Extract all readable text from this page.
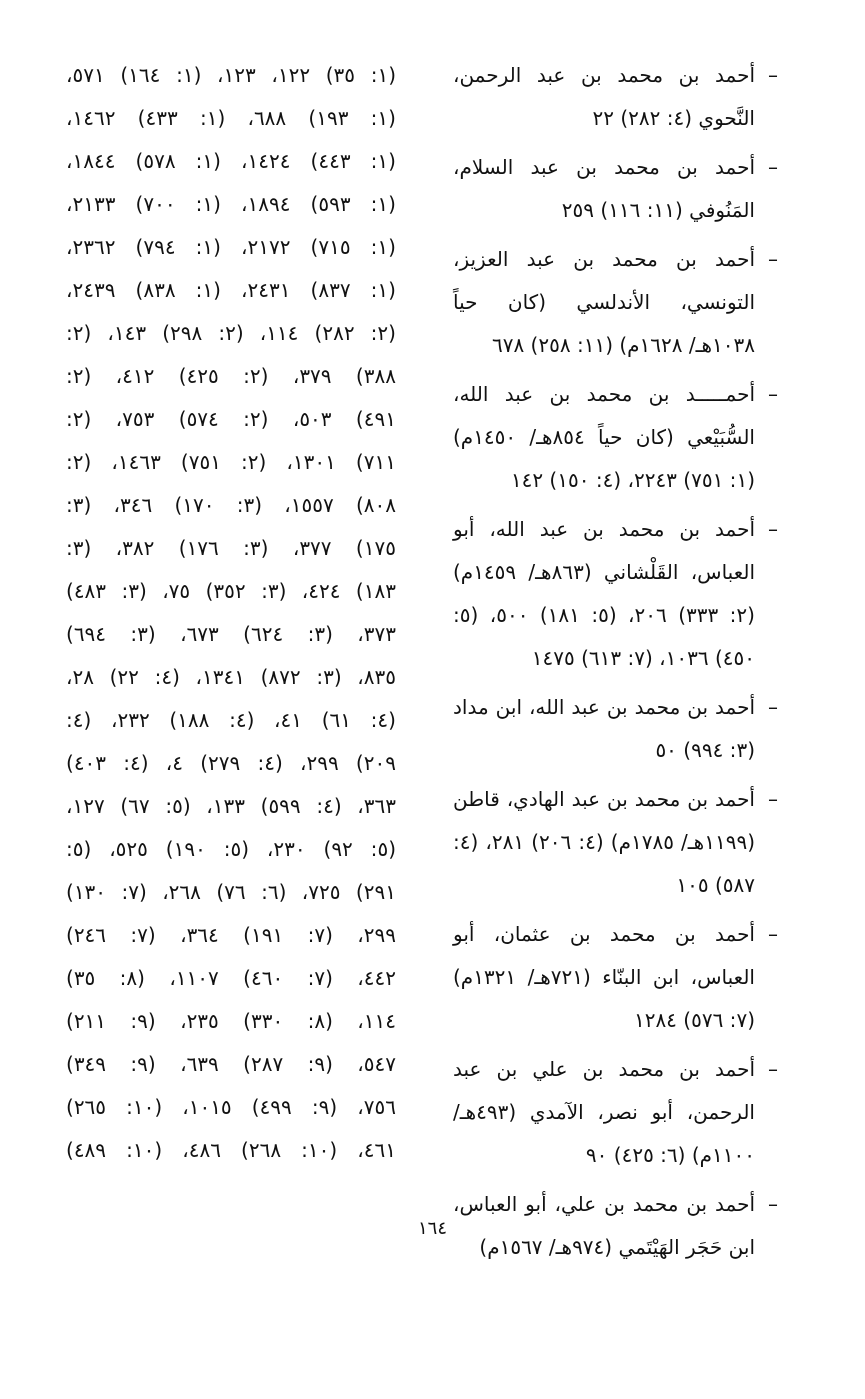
–
أحمد بن محمد بن عبد الرحمن، النَّحوي (٤: ٢٨٢) ٢٢
–
أحمد بن محمد بن عبد السلام، المَنُوفي (١١: ١١٦) ٢٥٩
–
أحمد بن محمد بن عبد العزيز، التونسي، الأندلسي (كان حياً ١٠٣٨هـ/ ١٦٢٨م) (١١: ٢٥٨) ٦٧٨
–
أحمـــــد بن محمد بن عبد الله، السُّبَيْعي (كان حياً ٨٥٤هـ/ ١٤٥٠م) (١: ٧٥١) ٢٢٤٣، (٤: ١٥٠) ١٤٢
–
أحمد بن محمد بن عبد الله، أبو العباس، القَلْشاني (٨٦٣هـ/ ١٤٥٩م) (٢: ٣٣٣) ٢٠٦، (٥: ١٨١) ٥٠٠، (٥: ٤٥٠) ١٠٣٦، (٧: ٦١٣) ١٤٧٥
–
أحمد بن محمد بن عبد الله، ابن مداد (٣: ٩٩٤) ٥٠
–
أحمد بن محمد بن عبد الهادي، قاطن (١١٩٩هـ/ ١٧٨٥م) (٤: ٢٠٦) ٢٨١، (٤: ٥٨٧) ١٠٥
–
أحمد بن محمد بن عثمان، أبو العباس، ابن البنّاء (٧٢١هـ/ ١٣٢١م) (٧: ٥٧٦) ١٢٨٤
–
أحمد بن محمد بن علي بن عبد الرحمن، أبو نصر، الآمدي (٤٩٣هـ/ ١١٠٠م) (٦: ٤٢٥) ٩٠
–
أحمد بن محمد بن علي، أبو العباس، ابن حَجَر الهَيْتَمي (٩٧٤هـ/ ١٥٦٧م)
(١: ٣٥) ١٢٢، ١٢٣، (١: ١٦٤) ٥٧١،
(١: ١٩٣) ٦٨٨، (١: ٤٣٣) ١٤٦٢،
(١: ٤٤٣) ١٤٢٤، (١: ٥٧٨) ١٨٤٤،
(١: ٥٩٣) ١٨٩٤، (١: ٧٠٠) ٢١٣٣،
(١: ٧١٥) ٢١٧٢، (١: ٧٩٤) ٢٣٦٢،
(١: ٨٣٧) ٢٤٣١، (١: ٨٣٨) ٢٤٣٩،
(٢: ٢٨٢) ١١٤، (٢: ٢٩٨) ١٤٣، (٢:
٣٨٨) ٣٧٩، (٢: ٤٢٥) ٤١٢، (٢:
٤٩١) ٥٠٣، (٢: ٥٧٤) ٧٥٣، (٢:
٧١١) ١٣٠١، (٢: ٧٥١) ١٤٦٣، (٢:
٨٠٨) ١٥٥٧، (٣: ١٧٠) ٣٤٦، (٣:
١٧٥) ٣٧٧، (٣: ١٧٦) ٣٨٢، (٣:
١٨٣) ٤٢٤، (٣: ٣٥٢) ٧٥، (٣: ٤٨٣)
٣٧٣، (٣: ٦٢٤) ٦٧٣، (٣: ٦٩٤)
٨٣٥، (٣: ٨٧٢) ١٣٤١، (٤: ٢٢) ٢٨،
(٤: ٦١) ٤١، (٤: ١٨٨) ٢٣٢، (٤:
٢٠٩) ٢٩٩، (٤: ٢٧٩) ٤، (٤: ٤٠٣)
٣٦٣، (٤: ٥٩٩) ١٣٣، (٥: ٦٧) ١٢٧،
(٥: ٩٢) ٢٣٠، (٥: ١٩٠) ٥٢٥، (٥:
٢٩١) ٧٢٥، (٦: ٧٦) ٢٦٨، (٧: ١٣٠)
٢٩٩، (٧: ١٩١) ٣٦٤، (٧: ٢٤٦)
٤٤٢، (٧: ٤٦٠) ١١٠٧، (٨: ٣٥)
١١٤، (٨: ٣٣٠) ٢٣٥، (٩: ٢١١)
٥٤٧، (٩: ٢٨٧) ٦٣٩، (٩: ٣٤٩)
٧٥٦، (٩: ٤٩٩) ١٠١٥، (١٠: ٢٦٥)
٤٦١، (١٠: ٢٦٨) ٤٨٦، (١٠: ٤٨٩)
١٦٤
